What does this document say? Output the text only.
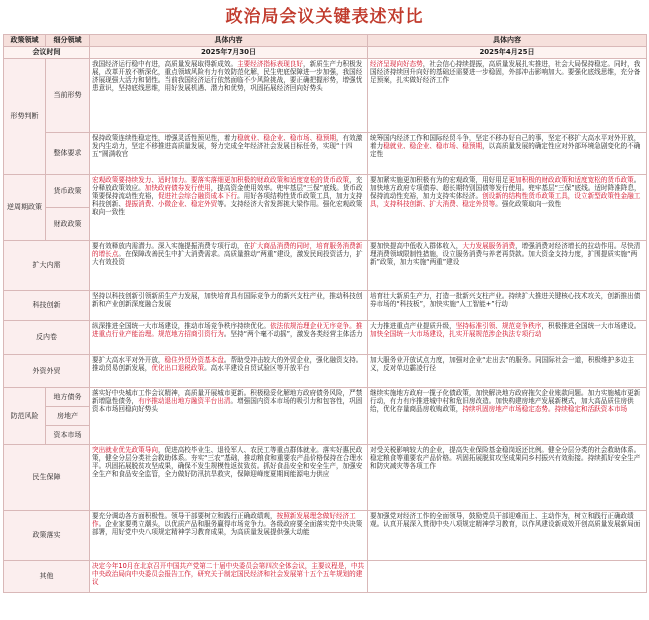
政治局会议关键表述对比
政策领域	细分领域	具体内容	具体内容
会议时间		2025年7月30日	2025年4月25日
形势判断	当前形势	我国经济运行稳中有进，高质量发展取得新成效。主要经济指标表现良好，新质生产力积极发展，改革开放不断深化，重点领域风险有力有效防范化解，民生兜底保障进一步加强，我国经济展现强大活力和韧性。当前我国经济运行依然面临不少风险挑战，要正确把握形势，增强忧患意识，坚持底线思维，用好发展机遇、潜力和优势，巩固拓展经济回向好势头	经济呈现向好态势，社会信心持续提振，高质量发展扎实推进，社会大局保持稳定。同时，我国经济持续回升向好的基础还需要进一步稳固，外部冲击影响加大。要强化底线思维，充分备足预案，扎实做好经济工作
	整体要求	保持政策连续性稳定性，增强灵活性预见性，着力稳就业、稳企业、稳市场、稳预期，有效激发内生动力，坚定不移推进高质量发展，努力完成全年经济社会发展目标任务，实现“十四五”圆满收官	统筹国内经济工作和国际经贸斗争，坚定不移办好自己的事，坚定不移扩大高水平对外开放，着力稳就业、稳企业、稳市场、稳预期，以高质量发展的确定性应对外部环境急剧变化的不确定性
逆周期政策	货币政策	宏观政策要持续发力、适时加力。要落实落细更加积极的财政政策和适度宽松的货币政策，充分释放政策效应。加快政府债券发行使用，提高资金使用效率。兜牢基层“三保”底线。货币政策要保持流动性充裕，促进社会综合融资成本下行。用好各项结构性货币政策工具，加力支持科技创新、提振消费、小微企业、稳定外贸等。支持经济大省发挥挑大梁作用。强化宏观政策取向一致性	要加紧实施更加积极有为的宏观政策，用好用足更加积极的财政政策和适度宽松的货币政策。加快地方政府专项债券、超长期特别国债等发行使用。兜牢基层“三保”底线。适时降准降息，保持流动性充裕，加力支持实体经济。创设新的结构性货币政策工具，设立新型政策性金融工具，支持科技创新、扩大消费、稳定外贸等。强化政策取向一致性
	财政政策		
扩大内需		要有效释放内需潜力。深入实施提振消费专项行动，在扩大商品消费的同时，培育服务消费新的增长点。在保障改善民生中扩大消费需求。高质量推动“两重”建设，激发民间投资活力，扩大有效投资	要加快提高中低收入群体收入，大力发展服务消费，增强消费对经济增长的拉动作用。尽快清理消费领域限制性措施，设立服务消费与养老再贷款。加大资金支持力度，扩围提质实施“两新”政策，加力实施“两重”建设
科技创新		坚持以科技创新引领新质生产力发展，加快培育具有国际竞争力的新兴支柱产业，推动科技创新和产业创新深度融合发展	培育壮大新质生产力，打造一批新兴支柱产业。持续扩大推进关键核心技术攻关，创新推出债券市场的“科技板”，加快实施“人工智能+”行动
反内卷		纵深推进全国统一大市场建设，推动市场竞争秩序持续优化。依法依规治理企业无序竞争。推进重点行业产能治理。规范地方招商引资行为。坚持“两个毫不动摇”，激发各类经营主体活力	大力推进重点产业提质升级，坚持标准引领、规范竞争秩序，积极推进全国统一大市场建设。加快全国统一大市场建设，扎实开展规范涉企执法专项行动
外资外贸		要扩大高水平对外开放，稳住外贸外资基本盘。帮助受冲击较大的外贸企业，强化融资支持。推动贸易创新发展，优化出口退税政策。高水平建设自贸试验区等开放平台	加大服务业开放试点力度，加强对企业“走出去”的服务。同国际社会一道，积极维护多边主义，反对单边霸凌行径
防范风险	地方债务	落实好中央城市工作会议精神，高质量开展城市更新。积极稳妥化解地方政府债务风险，严禁新增隐性债务，有序推动退出地方融资平台出清。增强国内资本市场的吸引力和包容性，巩固资本市场回稳向好势头	继续实施地方政府一揽子化债政策，加快解决地方政府拖欠企业账款问题。加力实施城市更新行动，有力有序推进城中村和危旧房改造。加快构建房地产发展新模式，加大高品质住房供给，优化存量商品房收购政策，持续巩固房地产市场稳定态势。持续稳定和活跃资本市场
	房地产		
	资本市场		
民生保障		突出就业优先政策导向，促进高校毕业生、退役军人、农民工等重点群体就业。落实好惠民政策，健全分层分类社会救助体系。夯实“三农”基础，推动粮食和重要农产品价格保持在合理水平。巩固拓展脱贫攻坚成果，确保不发生规模性返贫致贫。抓好食品安全和安全生产，加强安全生产和食品安全监管，全力做好防汛抗旱救灾，保障迎峰度夏期间能源电力供应	对受关税影响较大的企业，提高失业保险基金稳岗返还比例。健全分层分类的社会救助体系。稳定粮食等重要农产品价格。巩固拓展脱贫攻坚成果同乡村振兴有效衔接。持续抓好安全生产和防灾减灾等各项工作
政策落实		要充分调动各方面积极性。领导干部要树立和践行正确政绩观，按照新发展理念做好经济工作。企业家要勇立潮头，以优质产品和服务赢得市场竞争力。各级政府要全面落实党中央决策部署，用好党中央八项规定精神学习教育成果，为高质量发展提供强大动能	要加强党对经济工作的全面领导，鼓励党员干部迎难而上、主动作为，树立和践行正确政绩观。认真开展深入贯彻中央八项规定精神学习教育，以作风建设新成效开创高质量发展新局面
其他		决定今年10月在北京召开中国共产党第二十届中央委员会第四次全体会议，主要议程是，中共中央政治局向中央委员会报告工作，研究关于制定国民经济和社会发展第十五个五年规划的建议	
